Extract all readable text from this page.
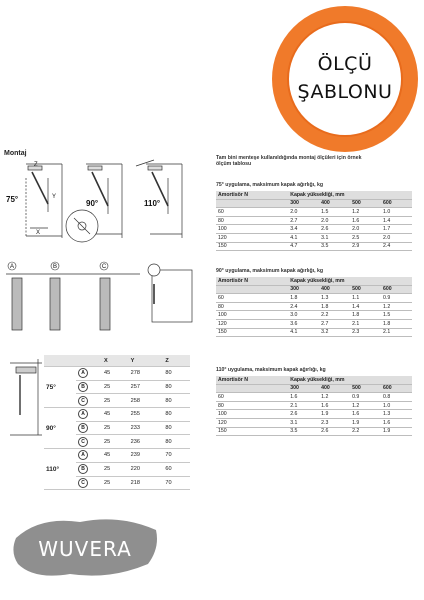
ÖLÇÜ
ŞABLONU
Montaj
75°	90°	110°
Z
Y
X
A	B	C
Tam bini menteşe kullanıldığında montaj ölçüleri için örnek
ölçüm tablosu
75° uygulama, maksimum kapak ağırlığı, kg
Amortisör N	Kapak yüksekliği, mm			
	300	400	500	600
60	2.0	1.5	1.2	1.0
80	2.7	2.0	1.6	1.4
100	3.4	2.6	2.0	1.7
120	4.1	3.1	2.5	2.0
150	4.7	3.5	2.9	2.4
90° uygulama, maksimum kapak ağırlığı, kg
Amortisör N	Kapak yüksekliği, mm			
	300	400	500	600
60	1.8	1.3	1.1	0.9
80	2.4	1.8	1.4	1.2
100	3.0	2.2	1.8	1.5
120	3.6	2.7	2.1	1.8
150	4.1	3.2	2.3	2.1
110° uygulama, maksimum kapak ağırlığı, kg
Amortisör N	Kapak yüksekliği, mm			
	300	400	500	600
60	1.6	1.2	0.9	0.8
80	2.1	1.6	1.2	1.0
100	2.6	1.9	1.6	1.3
120	3.1	2.3	1.9	1.6
150	3.5	2.6	2.2	1.9
		X	Y	Z
75°	A	45	278	80
	B	25	257	80
	C	25	258	80
90°	A	45	255	80
	B	25	233	80
	C	25	236	80
110°	A	45	239	70
	B	25	220	60
	C	25	218	70
WUVERA
